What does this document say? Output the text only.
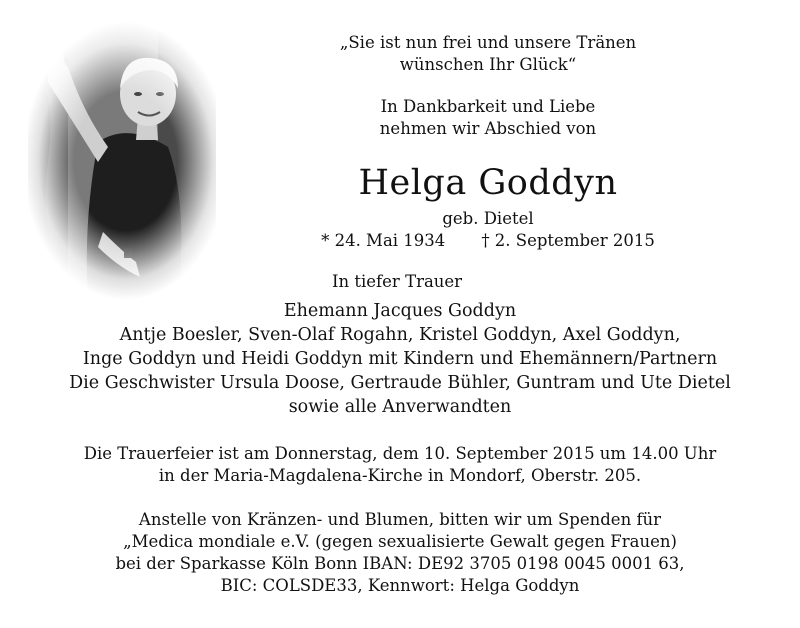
„Sie ist nun frei und unsere Tränen
wünschen Ihr Glück“
In Dankbarkeit und Liebe
nehmen wir Abschied von
Helga Goddyn
geb. Dietel
* 24. Mai 1934 † 2. September 2015
In tiefer Trauer
Ehemann Jacques Goddyn
Antje Boesler, Sven-Olaf Rogahn, Kristel Goddyn, Axel Goddyn,
Inge Goddyn und Heidi Goddyn mit Kindern und Ehemännern/Partnern
Die Geschwister Ursula Doose, Gertraude Bühler, Guntram und Ute Dietel
sowie alle Anverwandten
Die Trauerfeier ist am Donnerstag, dem 10. September 2015 um 14.00 Uhr
in der Maria-Magdalena-Kirche in Mondorf, Oberstr. 205.
Anstelle von Kränzen- und Blumen, bitten wir um Spenden für
„Medica mondiale e.V. (gegen sexualisierte Gewalt gegen Frauen)
bei der Sparkasse Köln Bonn IBAN: DE92 3705 0198 0045 0001 63,
BIC: COLSDE33, Kennwort: Helga Goddyn
